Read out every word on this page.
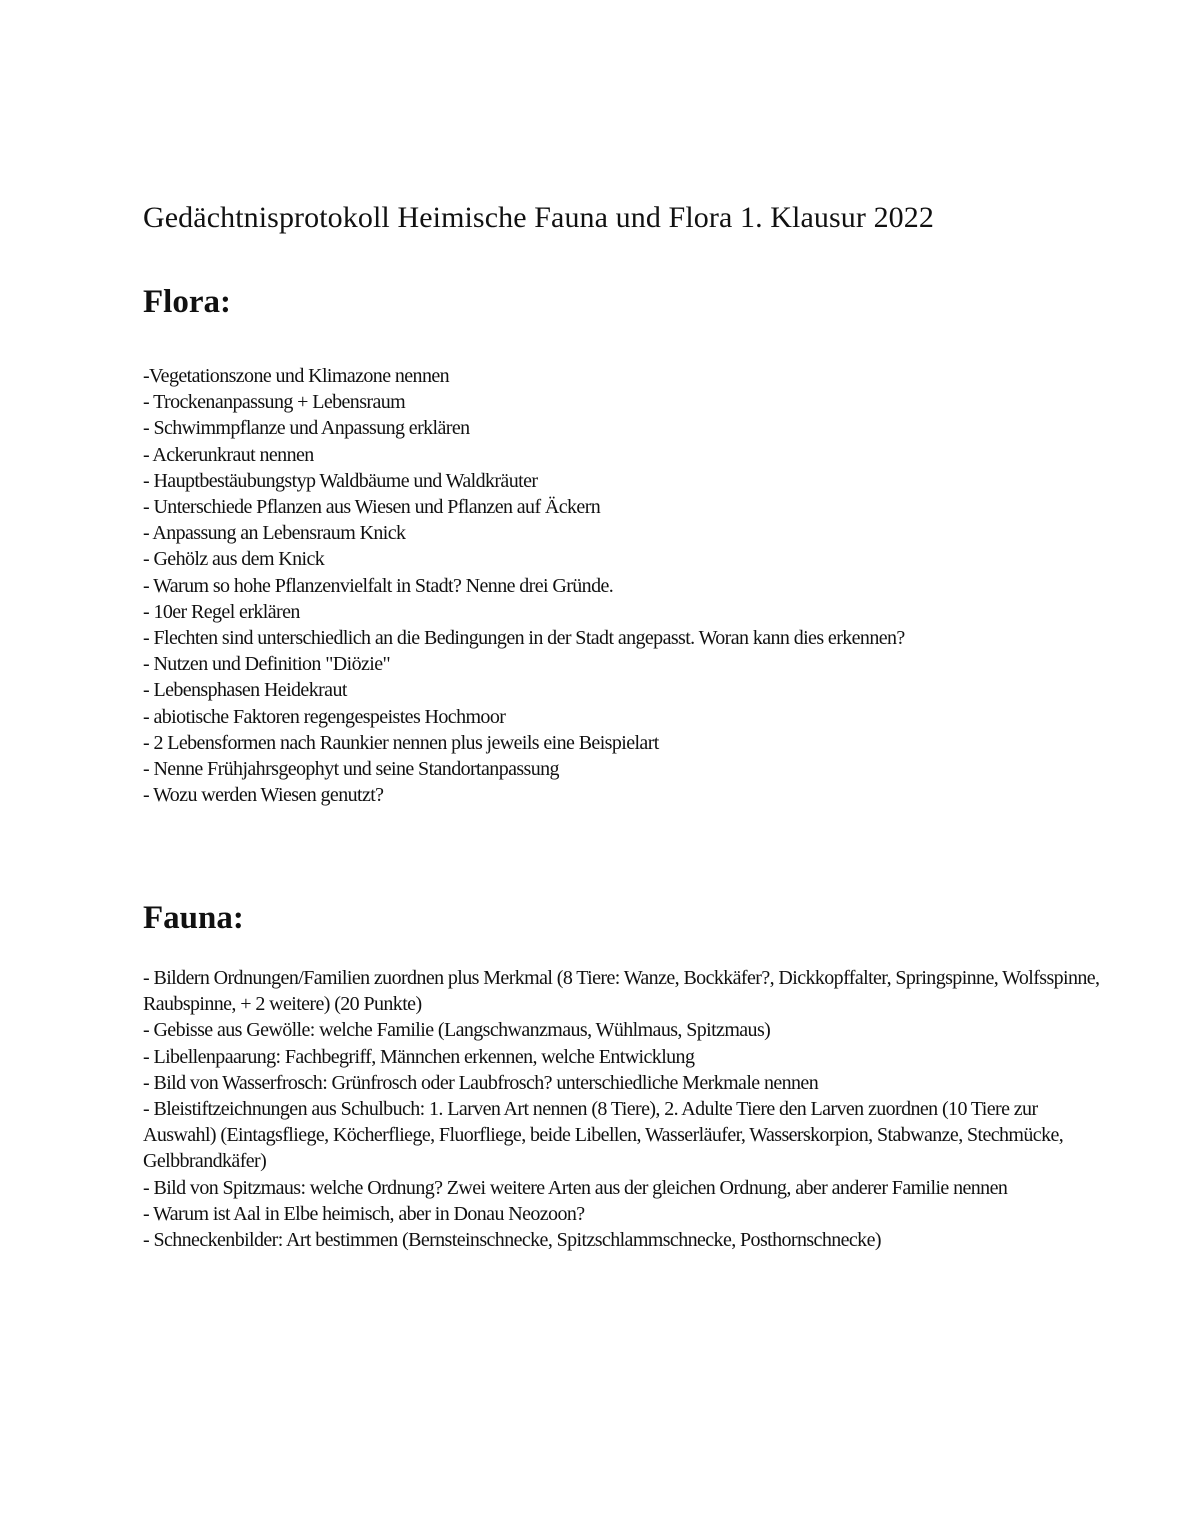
Gedächtnisprotokoll Heimische Fauna und Flora 1. Klausur 2022
Flora:
-Vegetationszone und Klimazone nennen
- Trockenanpassung + Lebensraum
- Schwimmpflanze und Anpassung erklären
- Ackerunkraut nennen
- Hauptbestäubungstyp Waldbäume und Waldkräuter
- Unterschiede Pflanzen aus Wiesen und Pflanzen auf Äckern
- Anpassung an Lebensraum Knick
- Gehölz aus dem Knick
- Warum so hohe Pflanzenvielfalt in Stadt? Nenne drei Gründe.
- 10er Regel erklären
- Flechten sind unterschiedlich an die Bedingungen in der Stadt angepasst. Woran kann dies erkennen?
- Nutzen und Definition "Diözie"
- Lebensphasen Heidekraut
- abiotische Faktoren regengespeistes Hochmoor
- 2 Lebensformen nach Raunkier nennen plus jeweils eine Beispielart
- Nenne Frühjahrsgeophyt und seine Standortanpassung
- Wozu werden Wiesen genutzt?
Fauna:
- Bildern Ordnungen/Familien zuordnen plus Merkmal (8 Tiere: Wanze, Bockkäfer?, Dickkopffalter, Springspinne, Wolfsspinne, Raubspinne, + 2 weitere) (20 Punkte)
- Gebisse aus Gewölle: welche Familie (Langschwanzmaus, Wühlmaus, Spitzmaus)
- Libellenpaarung: Fachbegriff, Männchen erkennen, welche Entwicklung
- Bild von Wasserfrosch: Grünfrosch oder Laubfrosch? unterschiedliche Merkmale nennen
- Bleistiftzeichnungen aus Schulbuch: 1. Larven Art nennen (8 Tiere), 2. Adulte Tiere den Larven zuordnen (10 Tiere zur Auswahl) (Eintagsfliege, Köcherfliege, Fluorfliege, beide Libellen, Wasserläufer, Wasserskorpion, Stabwanze, Stechmücke, Gelbbrandkäfer)
- Bild von Spitzmaus: welche Ordnung? Zwei weitere Arten aus der gleichen Ordnung, aber anderer Familie nennen
- Warum ist Aal in Elbe heimisch, aber in Donau Neozoon?
- Schneckenbilder: Art bestimmen (Bernsteinschnecke, Spitzschlammschnecke, Posthornschnecke)
